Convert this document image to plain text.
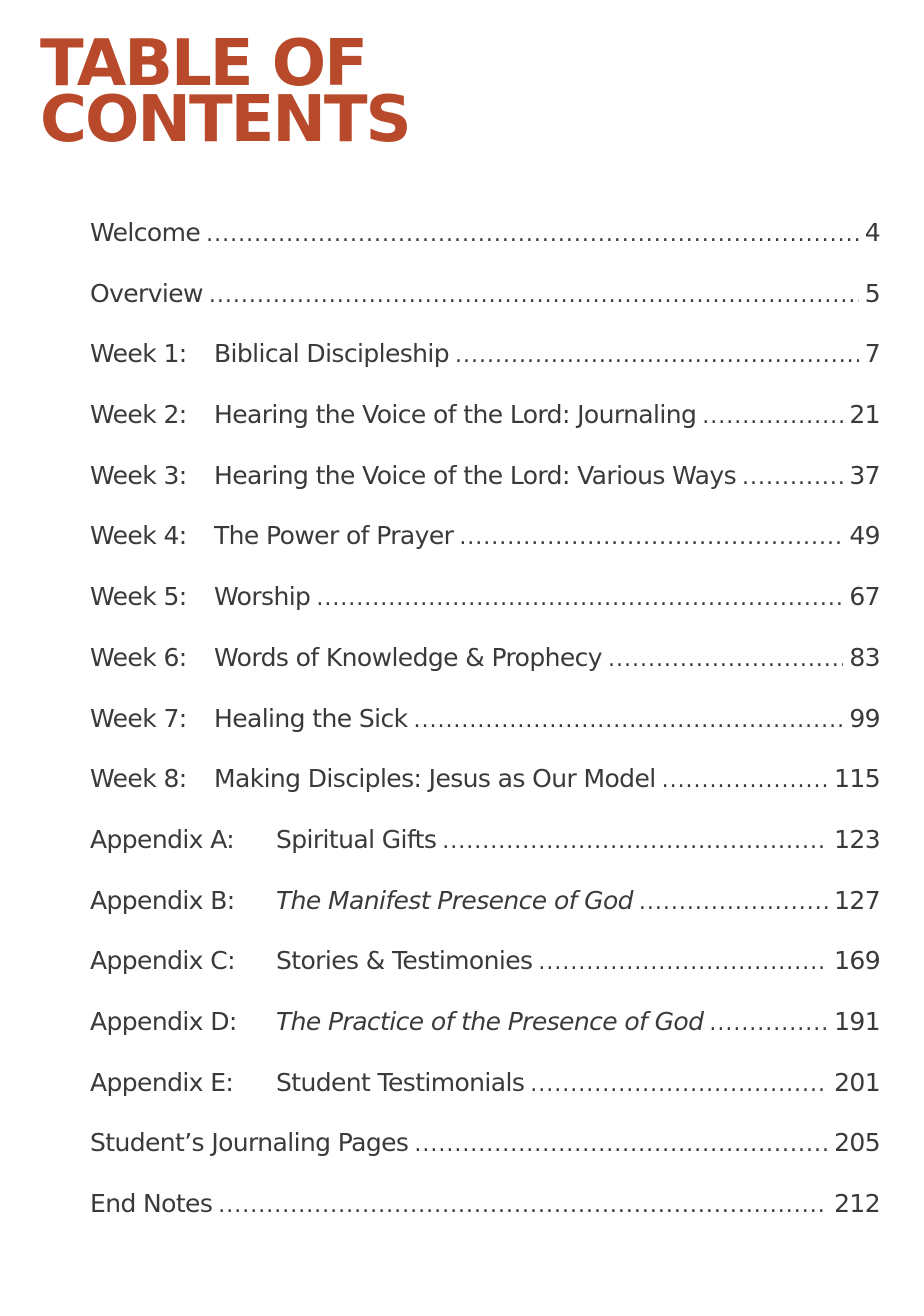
TABLE OF
CONTENTS
Welcome .....	4
Overview .....	5
Week 1:	Biblical Discipleship .....	7
Week 2:	Hearing the Voice of the Lord: Journaling .....	21
Week 3:	Hearing the Voice of the Lord: Various Ways .....	37
Week 4:	The Power of Prayer .....	49
Week 5:	Worship .....	67
Week 6:	Words of Knowledge & Prophecy .....	83
Week 7:	Healing the Sick .....	99
Week 8:	Making Disciples: Jesus as Our Model .....	115
Appendix A:	Spiritual Gifts .....	123
Appendix B:	The Manifest Presence of God .....	127
Appendix C:	Stories & Testimonies .....	169
Appendix D:	The Practice of the Presence of God .....	191
Appendix E:	Student Testimonials .....	201
Student’s Journaling Pages .....	205
End Notes .....	212
